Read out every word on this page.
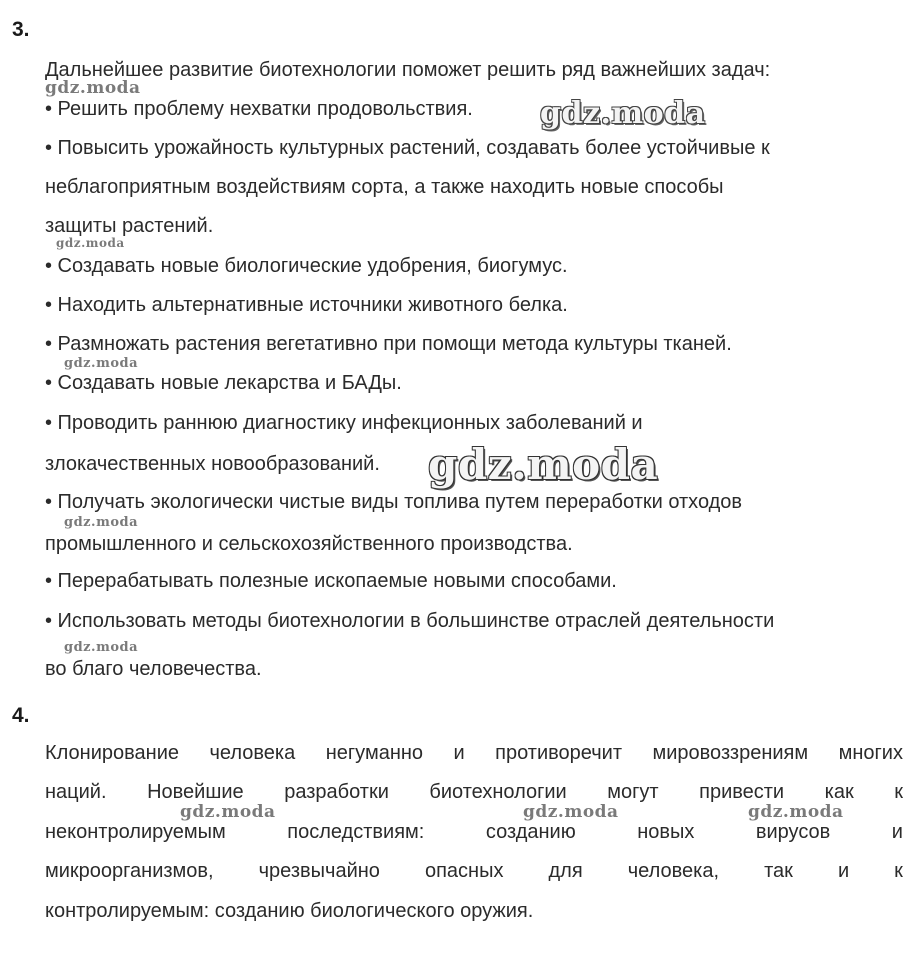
3.
Дальнейшее развитие биотехнологии поможет решить ряд важнейших задач:
• Решить проблему нехватки продовольствия.
• Повысить урожайность культурных растений, создавать более устойчивые к
неблагоприятным воздействиям сорта, а также находить новые способы
защиты растений.
• Создавать новые биологические удобрения, биогумус.
• Находить альтернативные источники животного белка.
• Размножать растения вегетативно при помощи метода культуры тканей.
• Создавать новые лекарства и БАДы.
• Проводить раннюю диагностику инфекционных заболеваний и
злокачественных новообразований.
• Получать экологически чистые виды топлива путем переработки отходов
промышленного и сельскохозяйственного производства.
• Перерабатывать полезные ископаемые новыми способами.
• Использовать методы биотехнологии в большинстве отраслей деятельности
во благо человечества.
4.
Клонирование человека негуманно и противоречит мировоззрениям многих
наций. Новейшие разработки биотехнологии могут привести как к
неконтролируемым	последствиям:	созданию	новых	вирусов	и
микроорганизмов, чрезвычайно опасных для человека, так и к
контролируемым: созданию биологического оружия.
gdz.moda
gdz.moda
gdz.moda
gdz.moda
gdz.moda
gdz.moda
gdz.moda
gdz.moda	gdz.moda	gdz.moda
